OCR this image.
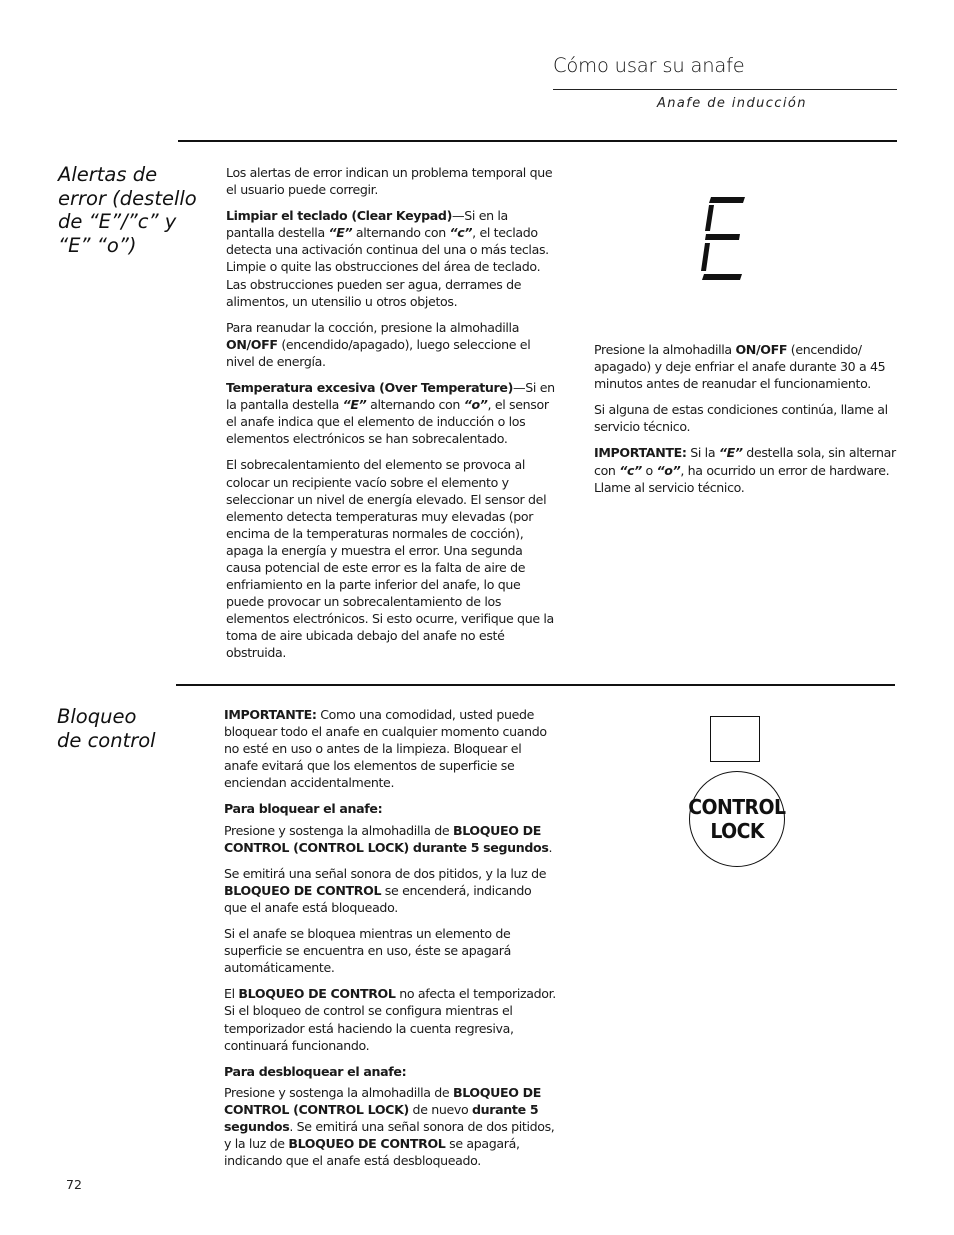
Cómo usar su anafe
Anafe de inducción
Alertas de
error (destello
de “E”/”c” y
“E” “o”)

Los alertas de error indican un problema temporal que el usuario puede corregir.

Limpiar el teclado (Clear Keypad)—Si en la pantalla destella “E” alternando con “c”, el teclado detecta una activación continua del una o más teclas. Limpie o quite las obstrucciones del área de teclado. Las obstrucciones pueden ser agua, derrames de alimentos, un utensilio u otros objetos.

Para reanudar la cocción, presione la almohadilla ON/OFF (encendido/apagado), luego seleccione el nivel de energía.

Temperatura excesiva (Over Temperature)—Si en la pantalla destella “E” alternando con “o”, el sensor el anafe indica que el elemento de inducción o los elementos electrónicos se han sobrecalentado.

El sobrecalentamiento del elemento se provoca al colocar un recipiente vacío sobre el elemento y seleccionar un nivel de energía elevado. El sensor del elemento detecta temperaturas muy elevadas (por encima de la temperaturas normales de cocción), apaga la energía y muestra el error. Una segunda causa potencial de este error es la falta de aire de enfriamiento en la parte inferior del anafe, lo que puede provocar un sobrecalentamiento de los elementos electrónicos. Si esto ocurre, verifique que la toma de aire ubicada debajo del anafe no esté obstruida.

Presione la almohadilla ON/OFF (encendido/ apagado) y deje enfriar el anafe durante 30 a 45 minutos antes de reanudar el funcionamiento.

Si alguna de estas condiciones continúa, llame al servicio técnico.

IMPORTANTE: Si la “E” destella sola, sin alternar con “c” o “o”, ha ocurrido un error de hardware. Llame al servicio técnico.

Bloqueo
de control

IMPORTANTE: Como una comodidad, usted puede bloquear todo el anafe en cualquier momento cuando no esté en uso o antes de la limpieza. Bloquear el anafe evitará que los elementos de superficie se enciendan accidentalmente.

Para bloquear el anafe:

Presione y sostenga la almohadilla de BLOQUEO DE CONTROL (CONTROL LOCK) durante 5 segundos.

Se emitirá una señal sonora de dos pitidos, y la luz de BLOQUEO DE CONTROL se encenderá, indicando que el anafe está bloqueado.

Si el anafe se bloquea mientras un elemento de superficie se encuentra en uso, éste se apagará automáticamente.

El BLOQUEO DE CONTROL no afecta el temporizador. Si el bloqueo de control se configura mientras el temporizador está haciendo la cuenta regresiva, continuará funcionando.

Para desbloquear el anafe:

Presione y sostenga la almohadilla de BLOQUEO DE CONTROL (CONTROL LOCK) de nuevo durante 5 segundos. Se emitirá una señal sonora de dos pitidos, y la luz de BLOQUEO DE CONTROL se apagará, indicando que el anafe está desbloqueado.

CONTROL
LOCK
72
